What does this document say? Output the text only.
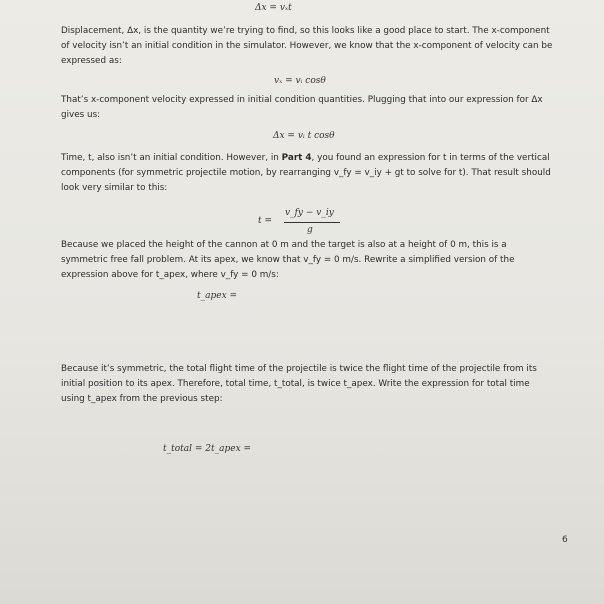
Δx = vₓt
Displacement, Δx, is the quantity we’re trying to find, so this looks like a good place to start. The x-component of velocity isn’t an initial condition in the simulator. However, we know that the x-component of velocity can be expressed as:
vₓ = vᵢ cosθ
That’s x-component velocity expressed in initial condition quantities. Plugging that into our expression for Δx gives us:
Δx = vᵢ t cosθ
Time, t, also isn’t an initial condition. However, in Part 4, you found an expression for t in terms of the vertical components (for symmetric projectile motion, by rearranging v_fy = v_iy + gt to solve for t). That result should look very similar to this:
t =
v_fy − v_iy
g
Because we placed the height of the cannon at 0 m and the target is also at a height of 0 m, this is a symmetric free fall problem. At its apex, we know that v_fy = 0 m/s. Rewrite a simplified version of the expression above for t_apex, where v_fy = 0 m/s:
t_apex =
Because it’s symmetric, the total flight time of the projectile is twice the flight time of the projectile from its initial position to its apex. Therefore, total time, t_total, is twice t_apex. Write the expression for total time using t_apex from the previous step:
t_total = 2t_apex =
6
